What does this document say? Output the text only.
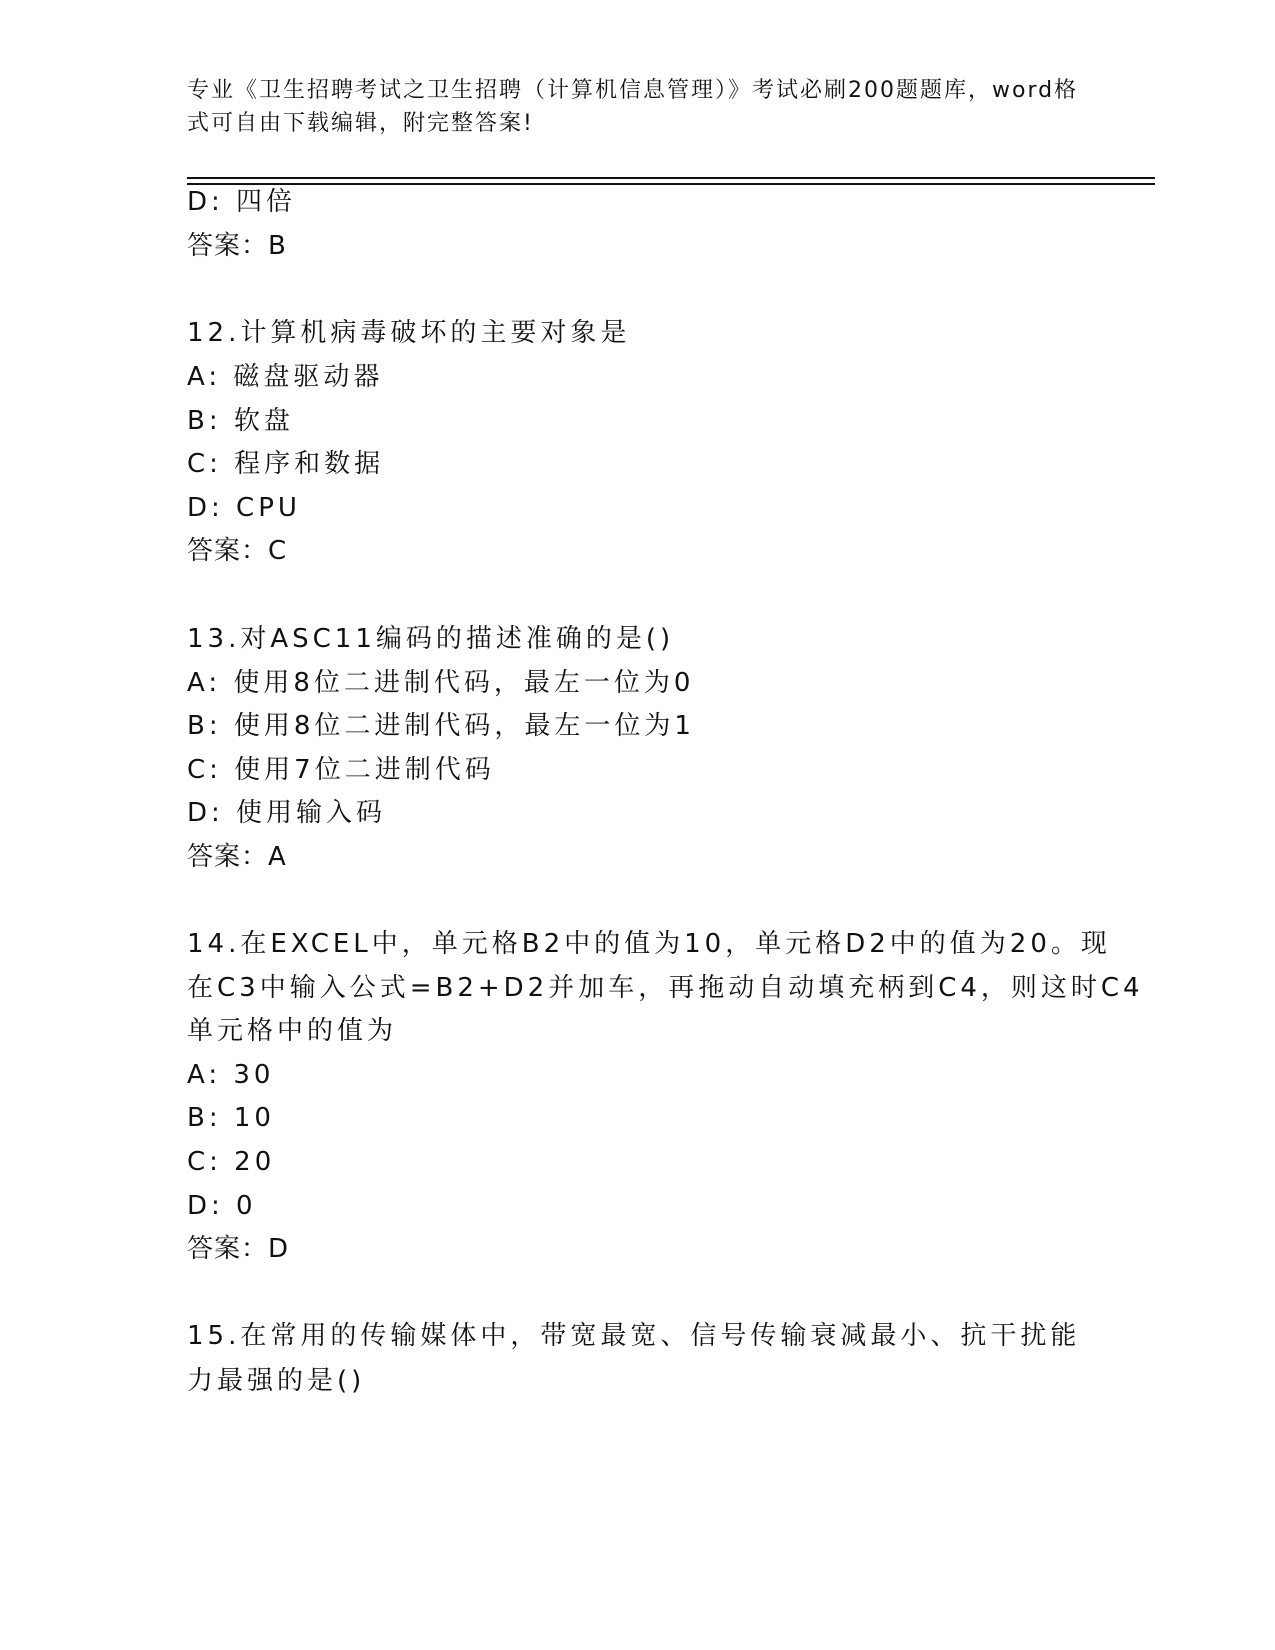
专业《卫生招聘考试之卫生招聘（计算机信息管理）》考试必刷200题题库，word格式可自由下载编辑，附完整答案!
D: 四倍
答案：B
12.计算机病毒破坏的主要对象是
A: 磁盘驱动器
B: 软盘
C: 程序和数据
D: CPU
答案：C
13.对ASC11编码的描述准确的是()
A: 使用8位二进制代码，最左一位为0
B: 使用8位二进制代码，最左一位为1
C: 使用7位二进制代码
D: 使用输入码
答案：A
14.在EXCEL中，单元格B2中的值为10，单元格D2中的值为20。现
在C3中输入公式=B2+D2并加车，再拖动自动填充柄到C4，则这时C4
单元格中的值为
A: 30
B: 10
C: 20
D: 0
答案：D
15.在常用的传输媒体中，带宽最宽、信号传输衰减最小、抗干扰能力最强的是()
